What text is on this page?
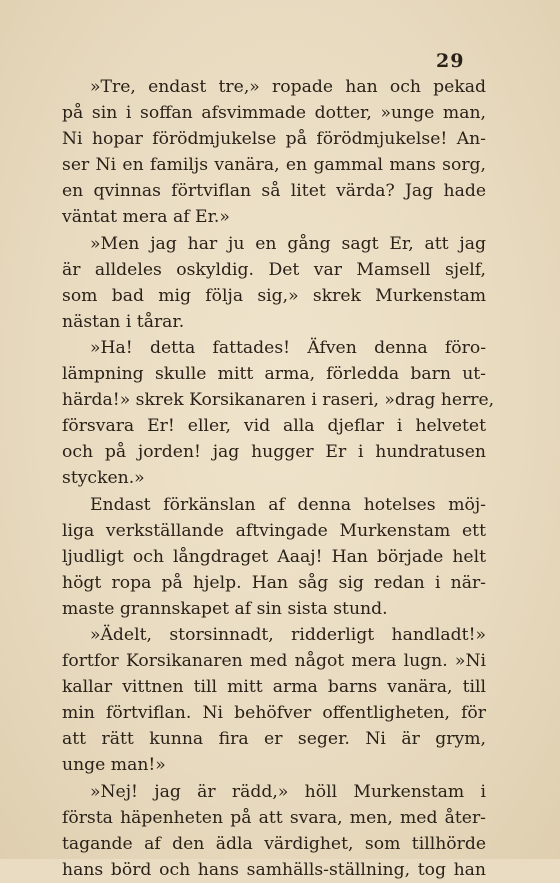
29
»Tre, endast tre,» ropade han och pekad
på sin i soffan afsvimmade dotter, »unge man,
Ni hopar förödmjukelse på förödmjukelse! An-
ser Ni en familjs vanära, en gammal mans sorg,
en qvinnas förtviflan så litet värda? Jag hade
väntat mera af Er.»
»Men jag har ju en gång sagt Er, att jag
är alldeles oskyldig. Det var Mamsell sjelf,
som bad mig följa sig,» skrek Murkenstam
nästan i tårar.
»Ha! detta fattades! Äfven denna föro-
lämpning skulle mitt arma, förledda barn ut-
härda!» skrek Korsikanaren i raseri, »drag herre,
försvara Er! eller, vid alla djeflar i helvetet
och på jorden! jag hugger Er i hundratusen
stycken.»
Endast förkänslan af denna hotelses möj-
liga verkställande aftvingade Murkenstam ett
ljudligt och långdraget Aaaj! Han började helt
högt ropa på hjelp. Han såg sig redan i när-
maste grannskapet af sin sista stund.
»Ädelt, storsinnadt, ridderligt handladt!»
fortfor Korsikanaren med något mera lugn. »Ni
kallar vittnen till mitt arma barns vanära, till
min förtviflan. Ni behöfver offentligheten, för
att rätt kunna fira er seger. Ni är grym,
unge man!»
»Nej! jag är rädd,» höll Murkenstam i
första häpenheten på att svara, men, med åter-
tagande af den ädla värdighet, som tillhörde
hans börd och hans samhälls-ställning, tog han
